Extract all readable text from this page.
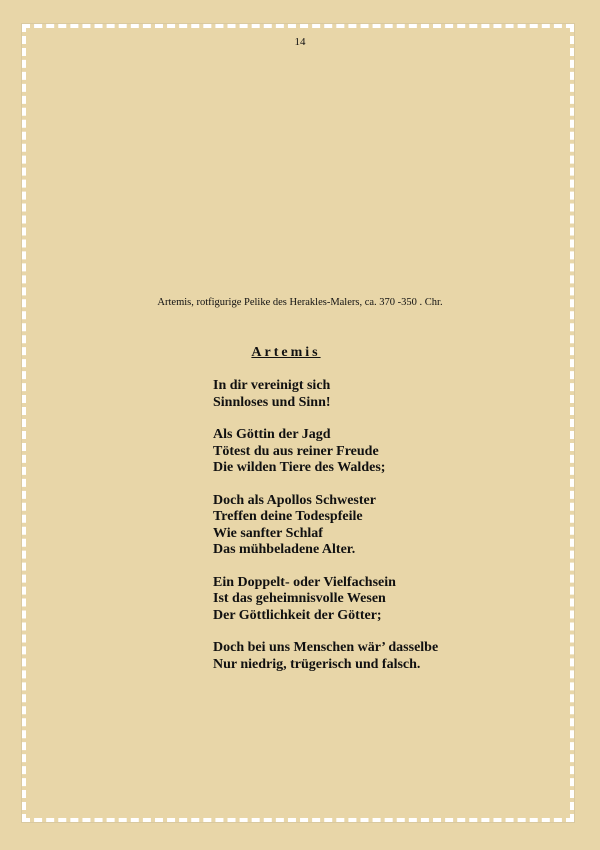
14
Artemis, rotfigurige Pelike des Herakles-Malers, ca. 370 -350 . Chr.
Artemis
In dir vereinigt sich
Sinnloses und Sinn!
Als Göttin der Jagd
Tötest du aus reiner Freude
Die wilden Tiere des Waldes;
Doch als Apollos Schwester
Treffen deine Todespfeile
Wie sanfter Schlaf
Das mühbeladene Alter.
Ein Doppelt- oder Vielfachsein
Ist das geheimnisvolle Wesen
Der Göttlichkeit der Götter;
Doch bei uns Menschen wär’ dasselbe
Nur niedrig, trügerisch und falsch.
